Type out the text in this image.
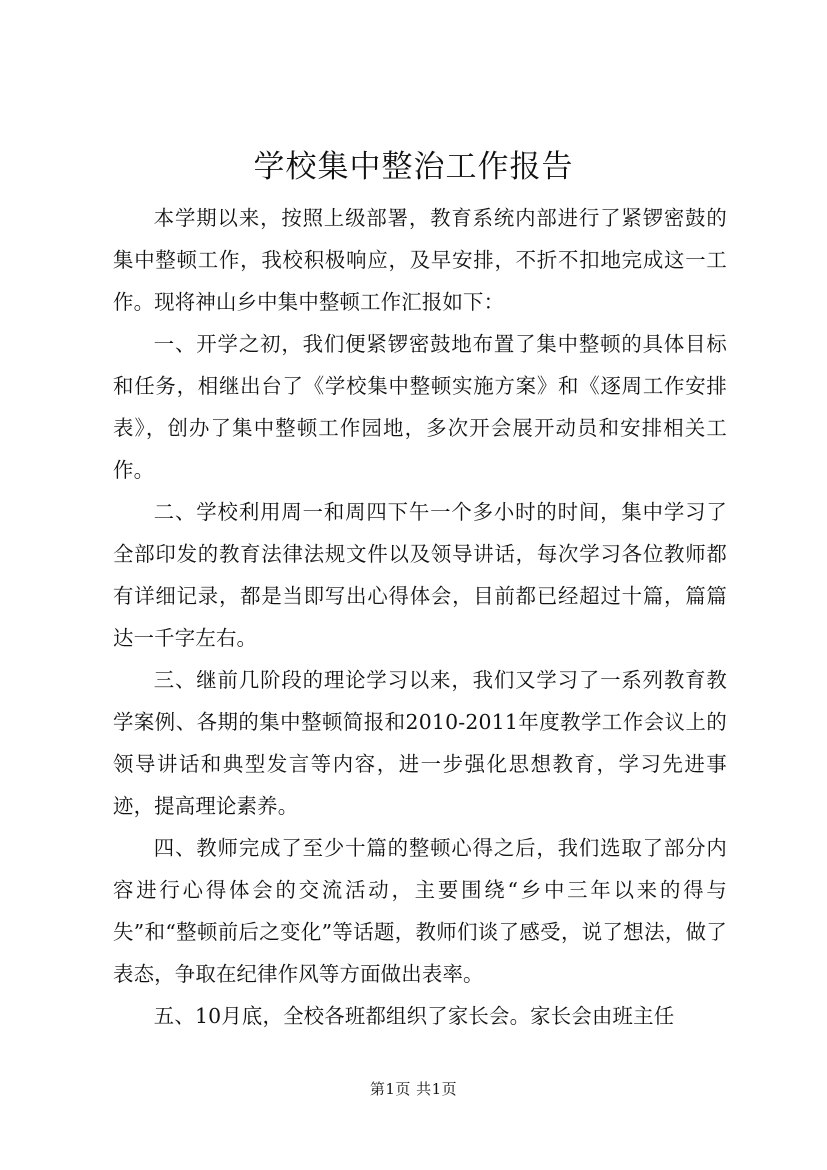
学校集中整治工作报告

本学期以来，按照上级部署，教育系统内部进行了紧锣密鼓的集中整顿工作，我校积极响应，及早安排，不折不扣地完成这一工作。现将神山乡中集中整顿工作汇报如下：

一、开学之初，我们便紧锣密鼓地布置了集中整顿的具体目标和任务，相继出台了《学校集中整顿实施方案》和《逐周工作安排表》，创办了集中整顿工作园地，多次开会展开动员和安排相关工作。

二、学校利用周一和周四下午一个多小时的时间，集中学习了全部印发的教育法律法规文件以及领导讲话，每次学习各位教师都有详细记录，都是当即写出心得体会，目前都已经超过十篇，篇篇达一千字左右。

三、继前几阶段的理论学习以来，我们又学习了一系列教育教学案例、各期的集中整顿简报和2010-2011年度教学工作会议上的领导讲话和典型发言等内容，进一步强化思想教育，学习先进事迹，提高理论素养。

四、教师完成了至少十篇的整顿心得之后，我们选取了部分内容进行心得体会的交流活动，主要围绕“乡中三年以来的得与失”和“整顿前后之变化”等话题，教师们谈了感受，说了想法，做了表态，争取在纪律作风等方面做出表率。

五、10月底，全校各班都组织了家长会。家长会由班主任

第1页 共1页
